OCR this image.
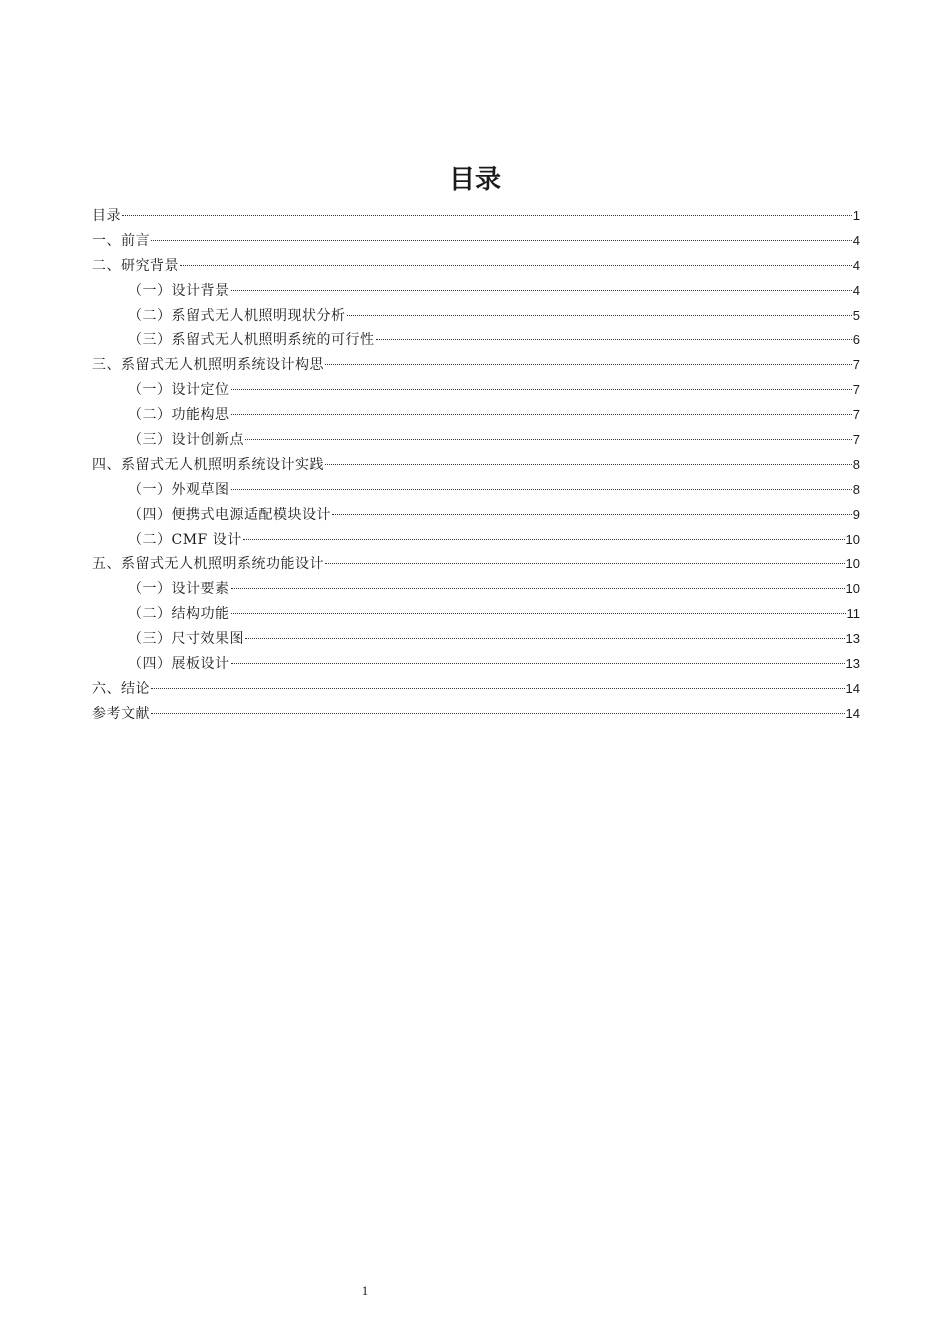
目录
目录	1
一、前言	4
二、研究背景	4
（一）设计背景	4
（二）系留式无人机照明现状分析	5
（三）系留式无人机照明系统的可行性	6
三、系留式无人机照明系统设计构思	7
（一）设计定位	7
（二）功能构思	7
（三）设计创新点	7
四、系留式无人机照明系统设计实践	8
（一）外观草图	8
（四）便携式电源适配模块设计	9
（二）CMF 设计	10
五、系留式无人机照明系统功能设计	10
（一）设计要素	10
（二）结构功能	11
（三）尺寸效果图	13
（四）展板设计	13
六、结论	14
参考文献	14
1
